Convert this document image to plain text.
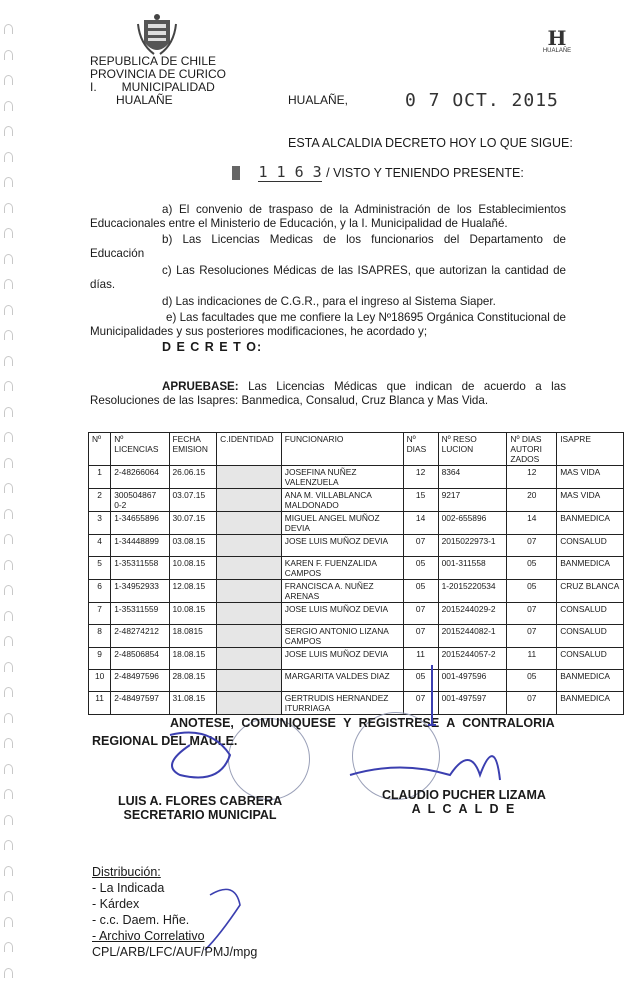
H
HUALAÑE
REPUBLICA DE CHILE
PROVINCIA DE CURICO
I. MUNICIPALIDAD
HUALAÑE	HUALAÑE,	0 7 OCT. 2015
ESTA ALCALDIA DECRETO HOY LO QUE SIGUE:
1 1 6 3 / VISTO Y TENIENDO PRESENTE:
a) El convenio de traspaso de la Administración de los Establecimientos Educacionales entre el Ministerio de Educación, y la I. Municipalidad de Hualañé.
b) Las Licencias Medicas de los funcionarios del Departamento de Educación
c) Las Resoluciones Médicas de las ISAPRES, que autorizan la cantidad de días.
d) Las indicaciones de C.G.R., para el ingreso al Sistema Siaper.
e) Las facultades que me confiere la Ley Nº18695 Orgánica Constitucional de Municipalidades y sus posteriores modificaciones, he acordado y;
D E C R E T O:
APRUEBASE: Las Licencias Médicas que indican de acuerdo a las Resoluciones de las Isapres: Banmedica, Consalud, Cruz Blanca y Mas Vida.
Nº	Nº LICENCIAS	FECHA EMISION	C.IDENTIDAD	FUNCIONARIO	Nº DIAS	Nº RESO LUCION	Nº DIAS AUTORI ZADOS	ISAPRE
1	2-48266064	26.06.15		JOSEFINA NUÑEZ VALENZUELA	12	8364	12	MAS VIDA
2	300504867 0-2	03.07.15		ANA M. VILLABLANCA MALDONADO	15	9217	20	MAS VIDA
3	1-34655896	30.07.15		MIGUEL ANGEL MUÑOZ DEVIA	14	002-655896	14	BANMEDICA
4	1-34448899	03.08.15		JOSE LUIS MUÑOZ DEVIA	07	2015022973-1	07	CONSALUD
5	1-35311558	10.08.15		KAREN F. FUENZALIDA CAMPOS	05	001-311558	05	BANMEDICA
6	1-34952933	12.08.15		FRANCISCA A. NUÑEZ ARENAS	05	1-2015220534	05	CRUZ BLANCA
7	1-35311559	10.08.15		JOSE LUIS MUÑOZ DEVIA	07	2015244029-2	07	CONSALUD
8	2-48274212	18.0815		SERGIO ANTONIO LIZANA CAMPOS	07	2015244082-1	07	CONSALUD
9	2-48506854	18.08.15		JOSE LUIS MUÑOZ DEVIA	11	2015244057-2	11	CONSALUD
10	2-48497596	28.08.15		MARGARITA VALDES DIAZ	05	001-497596	05	BANMEDICA
11	2-48497597	31.08.15		GERTRUDIS HERNANDEZ ITURRIAGA	07	001-497597	07	BANMEDICA
ANOTESE, COMUNIQUESE Y REGISTRESE A CONTRALORIA
REGIONAL DEL MAULE.
LUIS A. FLORES CABRERA
SECRETARIO MUNICIPAL
CLAUDIO PUCHER LIZAMA
A L C A L D E
Distribución:
- La Indicada
- Kárdex
- c.c. Daem. Hñe.
- Archivo Correlativo
CPL/ARB/LFC/AUF/PMJ/mpg
